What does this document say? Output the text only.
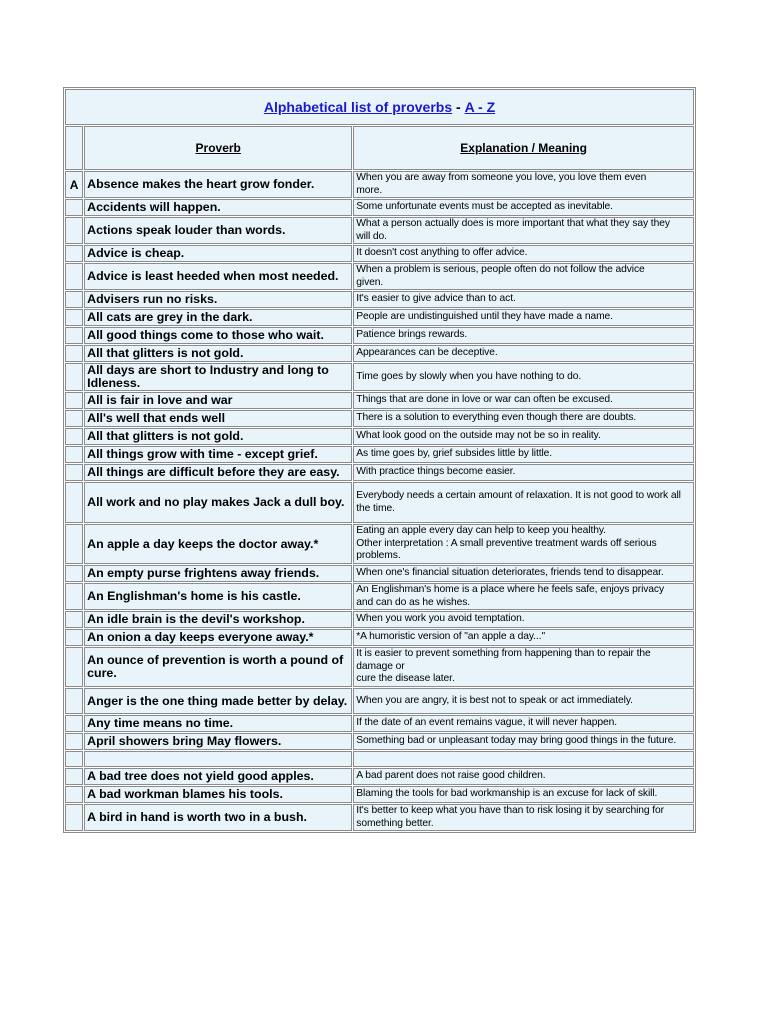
Alphabetical list of proverbs - A - Z		
	Proverb	Explanation / Meaning
A	Absence makes the heart grow fonder.	When you are away from someone you love, you love them even
more.

	Accidents will happen.	Some unfortunate events must be accepted as inevitable.

	Actions speak louder than words.	What a person actually does is more important that what they say they
will do.

	Advice is cheap.	It doesn't cost anything to offer advice.

	Advice is least heeded when most needed.	When a problem is serious, people often do not follow the advice
given.

	Advisers run no risks.	It's easier to give advice than to act.

	All cats are grey in the dark.	People are undistinguished until they have made a name.

	All good things come to those who wait.	Patience brings rewards.

	All that glitters is not gold.	Appearances can be deceptive.

	All days are short to Industry and long to Idleness.	Time goes by slowly when you have nothing to do.

	All is fair in love and war	Things that are done in love or war can often be excused.

	All's well that ends well	There is a solution to everything even though there are doubts.

	All that glitters is not gold.	What look good on the outside may not be so in reality.

	All things grow with time - except grief.	As time goes by, grief subsides little by little.

	All things are difficult before they are easy.	With practice things become easier.

	All work and no play makes Jack a dull boy.	Everybody needs a certain amount of relaxation. It is not good to work all
the time.

	An apple a day keeps the doctor away.*	Eating an apple every day can help to keep you healthy.
Other interpretation : A small preventive treatment wards off serious
problems.

	An empty purse frightens away friends.	When one's financial situation deteriorates, friends tend to disappear.

	An Englishman's home is his castle.	An Englishman's home is a place where he feels safe, enjoys privacy
and can do as he wishes.

	An idle brain is the devil's workshop.	When you work you avoid temptation.

	An onion a day keeps everyone away.*	*A humoristic version of "an apple a day..."

	An ounce of prevention is worth a pound of cure.	It is easier to prevent something from happening than to repair the
damage or
cure the disease later.

	Anger is the one thing made better by delay.	When you are angry, it is best not to speak or act immediately.

	Any time means no time.	If the date of an event remains vague, it will never happen.

	April showers bring May flowers.	Something bad or unpleasant today may bring good things in the future.

	A bad tree does not yield good apples.	A bad parent does not raise good children.

	A bad workman blames his tools.	Blaming the tools for bad workmanship is an excuse for lack of skill.

	A bird in hand is worth two in a bush.	It's better to keep what you have than to risk losing it by searching for
something better.
